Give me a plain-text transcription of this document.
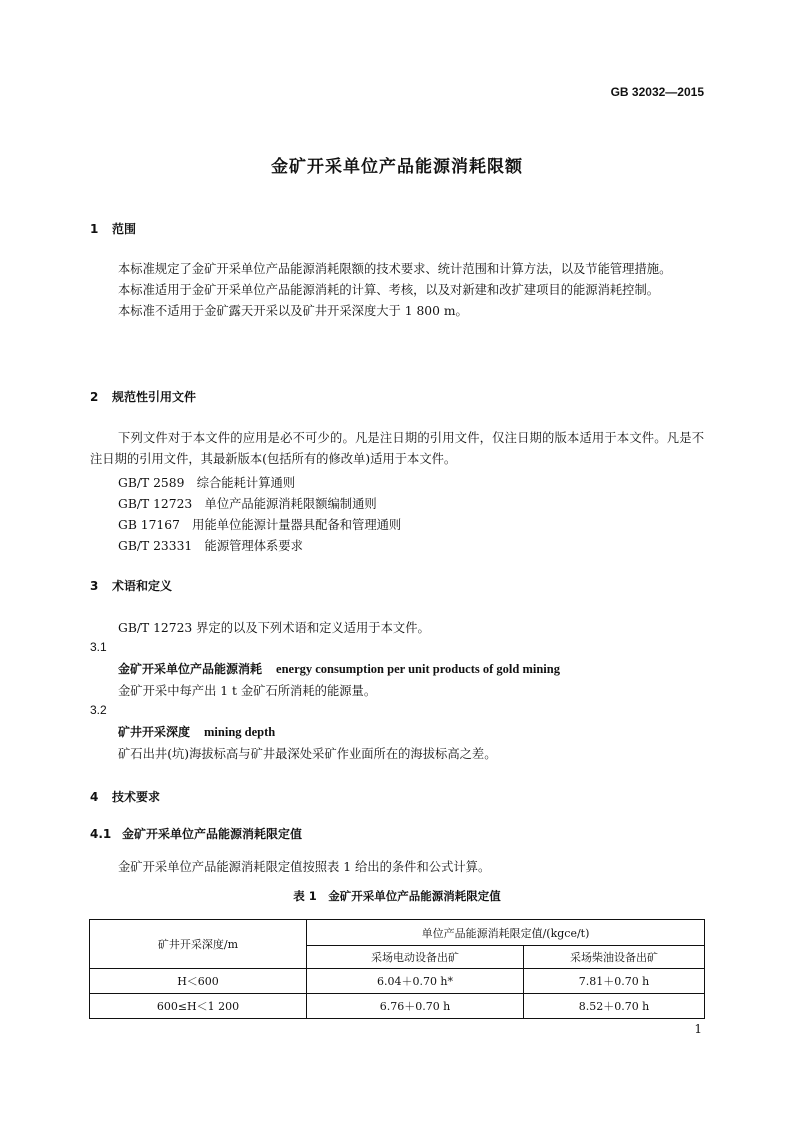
GB 32032—2015
金矿开采单位产品能源消耗限额
1 范围
本标准规定了金矿开采单位产品能源消耗限额的技术要求、统计范围和计算方法，以及节能管理措施。
本标准适用于金矿开采单位产品能源消耗的计算、考核，以及对新建和改扩建项目的能源消耗控制。
本标准不适用于金矿露天开采以及矿井开采深度大于 1 800 m。
2 规范性引用文件
下列文件对于本文件的应用是必不可少的。凡是注日期的引用文件，仅注日期的版本适用于本文件。凡是不注日期的引用文件，其最新版本(包括所有的修改单)适用于本文件。
GB/T 2589　综合能耗计算通则
GB/T 12723　单位产品能源消耗限额编制通则
GB 17167　用能单位能源计量器具配备和管理通则
GB/T 23331　能源管理体系要求
3 术语和定义
GB/T 12723 界定的以及下列术语和定义适用于本文件。
3.1
金矿开采单位产品能源消耗 energy consumption per unit products of gold mining
金矿开采中每产出 1 t 金矿石所消耗的能源量。
3.2
矿井开采深度 mining depth
矿石出井(坑)海拔标高与矿井最深处采矿作业面所在的海拔标高之差。
4 技术要求
4.1 金矿开采单位产品能源消耗限定值
金矿开采单位产品能源消耗限定值按照表 1 给出的条件和公式计算。
表 1　金矿开采单位产品能源消耗限定值
矿井开采深度/m	单位产品能源消耗限定值/(kgce/t)	
	采场电动设备出矿	采场柴油设备出矿
H＜600	6.04＋0.70 h*	7.81＋0.70 h
600≤H＜1 200	6.76＋0.70 h	8.52＋0.70 h
1
